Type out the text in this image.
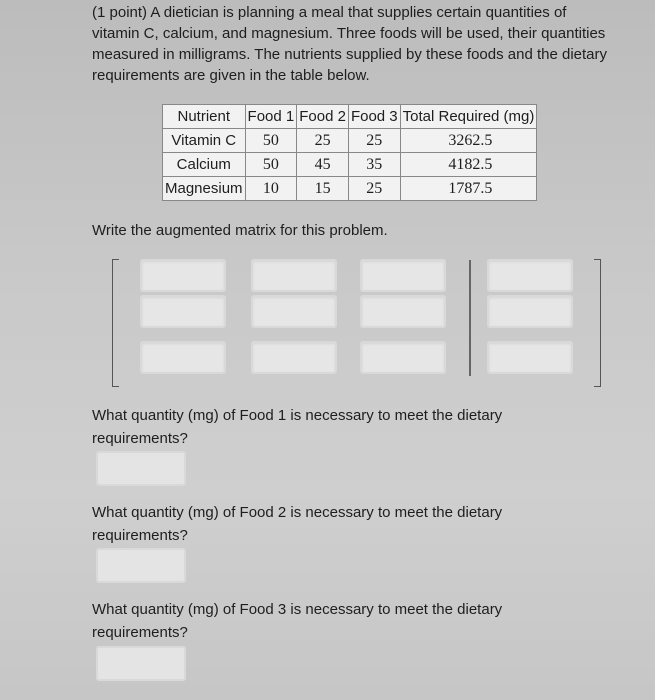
(1 point) A dietician is planning a meal that supplies certain quantities of vitamin C, calcium, and magnesium. Three foods will be used, their quantities measured in milligrams. The nutrients supplied by these foods and the dietary requirements are given in the table below.
Nutrient	Food 1	Food 2	Food 3	Total Required (mg)
Vitamin C	50	25	25	3262.5
Calcium	50	45	35	4182.5
Magnesium	10	15	25	1787.5
Write the augmented matrix for this problem.
What quantity (mg) of Food 1 is necessary to meet the dietary requirements?
What quantity (mg) of Food 2 is necessary to meet the dietary requirements?
What quantity (mg) of Food 3 is necessary to meet the dietary requirements?
